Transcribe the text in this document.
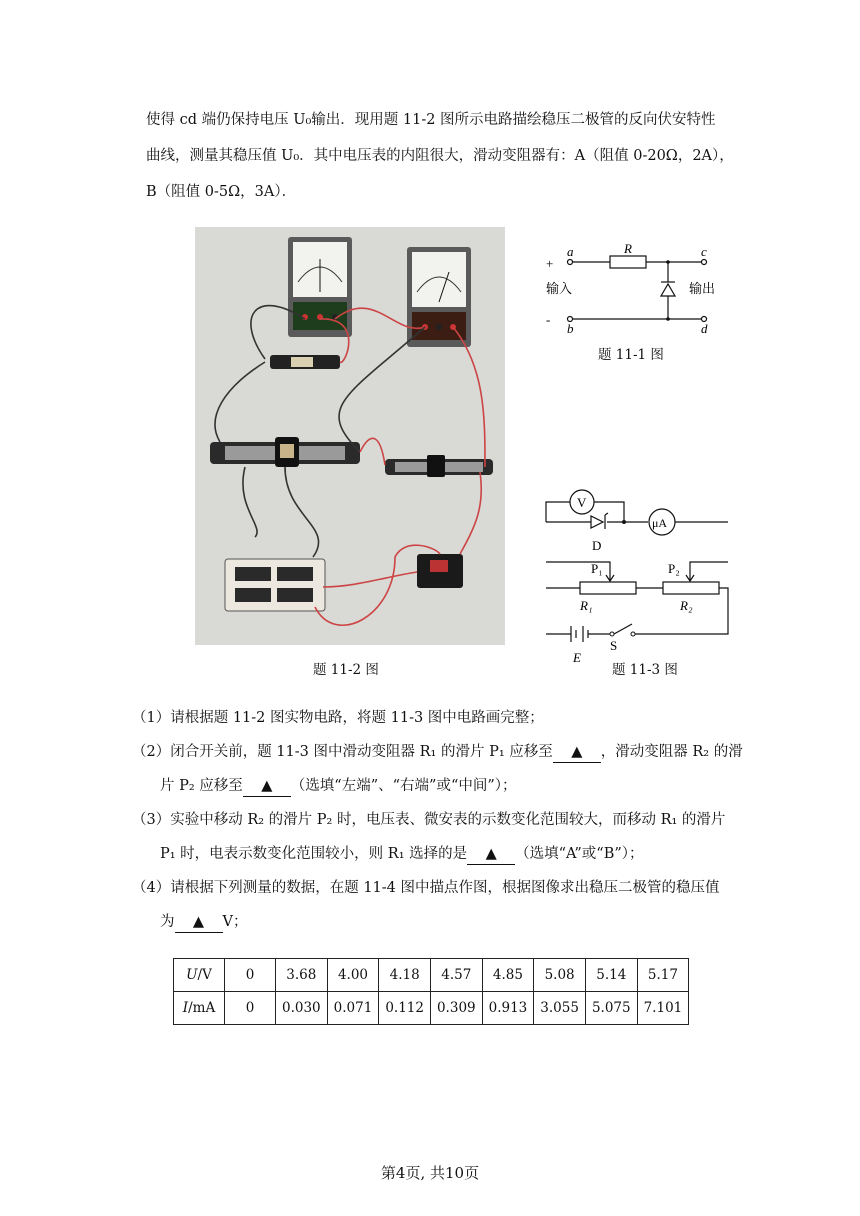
使得 cd 端仍保持电压 U₀输出．现用题 11-2 图所示电路描绘稳压二极管的反向伏安特性
曲线，测量其稳压值 U₀．其中电压表的内阻很大，滑动变阻器有：A（阻值 0-20Ω，2A），
B（阻值 0-5Ω，3A）．
a	R	c
b	d
+
-
输入	输出
题 11-1 图
V
μA
D
P₁	P₂
R₁	R₂
E
S
题 11-3 图
题 11-2 图
（1）请根据题 11-2 图实物电路，将题 11-3 图中电路画完整；
（2）闭合开关前，题 11-3 图中滑动变阻器 R₁ 的滑片 P₁ 应移至 ▲ ，滑动变阻器 R₂ 的滑
片 P₂ 应移至 ▲ （选填“左端”、“右端”或“中间”）；
（3）实验中移动 R₂ 的滑片 P₂ 时，电压表、微安表的示数变化范围较大，而移动 R₁ 的滑片
P₁ 时，电表示数变化范围较小，则 R₁ 选择的是 ▲ （选填“A”或“B”）；
（4）请根据下列测量的数据，在题 11-4 图中描点作图，根据图像求出稳压二极管的稳压值
为 ▲ V；
U/V	0	3.68	4.00	4.18	4.57	4.85	5.08	5.14	5.17
I/mA	0	0.030	0.071	0.112	0.309	0.913	3.055	5.075	7.101
第4页, 共10页
